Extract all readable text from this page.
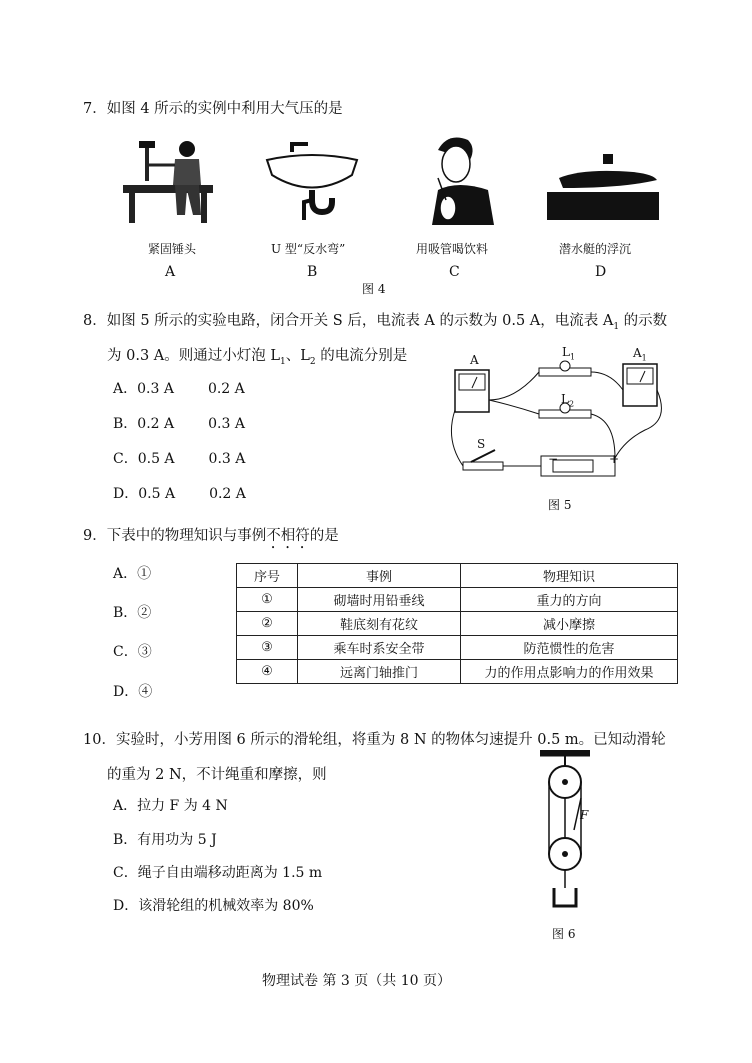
7．如图 4 所示的实例中利用大气压的是
紧固锤头	U 型“反水弯”	用吸管喝饮料	潜水艇的浮沉
A	B	C	D
图 4
8．如图 5 所示的实验电路，闭合开关 S 后，电流表 A 的示数为 0.5 A，电流表 $A_1$ 的示数
为 0.3 A。则通过小灯泡 $L_1$、$L_2$ 的电流分别是
A．0.3 A 0.2 A
B．0.2 A 0.3 A
C．0.5 A 0.3 A
D．0.5 A 0.2 A
A	$A_1$
$L_1$
$L_2$
S
−	+
图 5
9．下表中的物理知识与事例不相符的是
A．①
B．②
C．③
D．④
序号	事例	物理知识
①	砌墙时用铅垂线	重力的方向
②	鞋底刻有花纹	减小摩擦
③	乘车时系安全带	防范惯性的危害
④	远离门轴推门	力的作用点影响力的作用效果
10．实验时，小芳用图 6 所示的滑轮组，将重为 8 N 的物体匀速提升 0.5 m。已知动滑轮
的重为 2 N，不计绳重和摩擦，则
A．拉力 F 为 4 N
B．有用功为 5 J
C．绳子自由端移动距离为 1.5 m
D．该滑轮组的机械效率为 80%
F
图 6
物理试卷 第 3 页（共 10 页）
